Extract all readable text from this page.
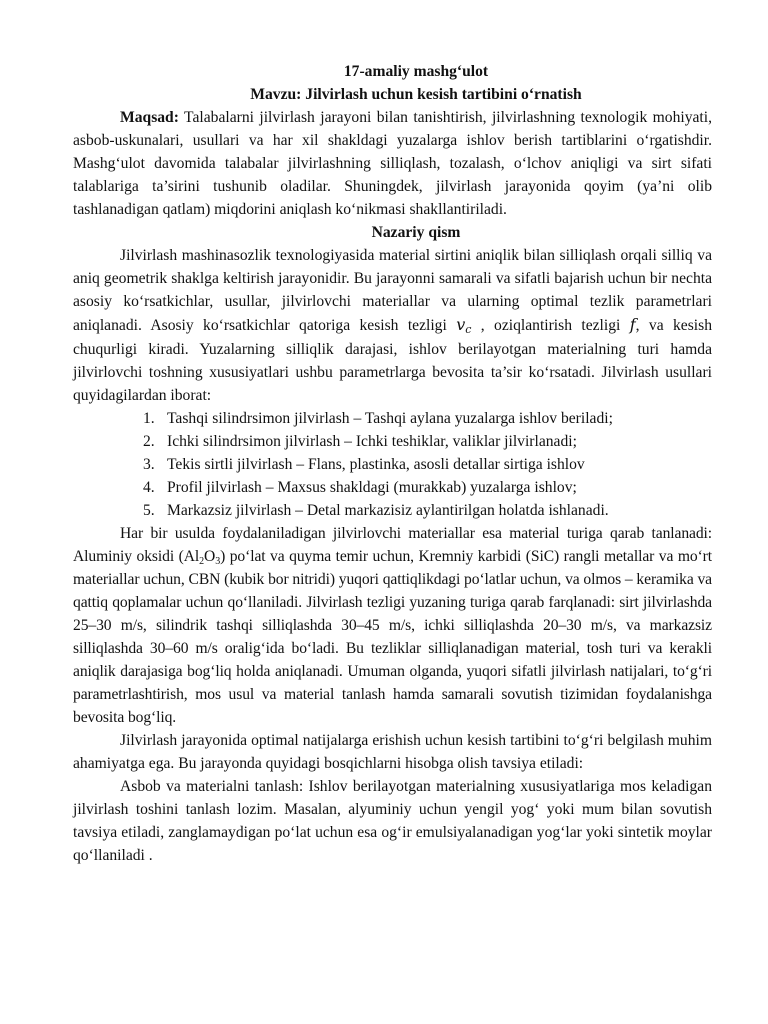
17-amaliy mashg‘ulot

Mavzu: Jilvirlash uchun kesish tartibini o‘rnatish

Maqsad: Talabalarni jilvirlash jarayoni bilan tanishtirish, jilvirlashning texnologik mohiyati, asbob-uskunalari, usullari va har xil shakldagi yuzalarga ishlov berish tartiblarini o‘rgatishdir. Mashg‘ulot davomida talabalar jilvirlashning silliqlash, tozalash, o‘lchov aniqligi va sirt sifati talablariga ta’sirini tushunib oladilar. Shuningdek, jilvirlash jarayonida qoyim (ya’ni olib tashlanadigan qatlam) miqdorini aniqlash ko‘nikmasi shakllantiriladi.

Nazariy qism

Jilvirlash mashinasozlik texnologiyasida material sirtini aniqlik bilan silliqlash orqali silliq va aniq geometrik shaklga keltirish jarayonidir. Bu jarayonni samarali va sifatli bajarish uchun bir nechta asosiy ko‘rsatkichlar, usullar, jilvirlovchi materiallar va ularning optimal tezlik parametrlari aniqlanadi. Asosiy ko‘rsatkichlar qatoriga kesish tezligi vc , oziqlantirish tezligi f, va kesish chuqurligi kiradi. Yuzalarning silliqlik darajasi, ishlov berilayotgan materialning turi hamda jilvirlovchi toshning xususiyatlari ushbu parametrlarga bevosita ta’sir ko‘rsatadi. Jilvirlash usullari quyidagilardan iborat:

1. Tashqi silindrsimon jilvirlash – Tashqi aylana yuzalarga ishlov beriladi;
2. Ichki silindrsimon jilvirlash – Ichki teshiklar, valiklar jilvirlanadi;
3. Tekis sirtli jilvirlash – Flans, plastinka, asosli detallar sirtiga ishlov
4. Profil jilvirlash – Maxsus shakldagi (murakkab) yuzalarga ishlov;
5. Markazsiz jilvirlash – Detal markazisiz aylantirilgan holatda ishlanadi.

Har bir usulda foydalaniladigan jilvirlovchi materiallar esa material turiga qarab tanlanadi: Aluminiy oksidi $(Al_2O_3)$ po‘lat va quyma temir uchun, Kremniy karbidi (SiC) rangli metallar va mo‘rt materiallar uchun, CBN (kubik bor nitridi) yuqori qattiqlikdagi po‘latlar uchun, va olmos – keramika va qattiq qoplamalar uchun qo‘llaniladi. Jilvirlash tezligi yuzaning turiga qarab farqlanadi: sirt jilvirlashda 25–30 m/s, silindrik tashqi silliqlashda 30–45 m/s, ichki silliqlashda 20–30 m/s, va markazsiz silliqlashda 30–60 m/s oralig‘ida bo‘ladi. Bu tezliklar silliqlanadigan material, tosh turi va kerakli aniqlik darajasiga bog‘liq holda aniqlanadi. Umuman olganda, yuqori sifatli jilvirlash natijalari, to‘g‘ri parametrlashtirish, mos usul va material tanlash hamda samarali sovutish tizimidan foydalanishga bevosita bog‘liq.

Jilvirlash jarayonida optimal natijalarga erishish uchun kesish tartibini to‘g‘ri belgilash muhim ahamiyatga ega. Bu jarayonda quyidagi bosqichlarni hisobga olish tavsiya etiladi:

Asbob va materialni tanlash: Ishlov berilayotgan materialning xususiyatlariga mos keladigan jilvirlash toshini tanlash lozim. Masalan, alyuminiy uchun yengil yog‘ yoki mum bilan sovutish tavsiya etiladi, zanglamaydigan po‘lat uchun esa og‘ir emulsiyalanadigan yog‘lar yoki sintetik moylar qo‘llaniladi .
